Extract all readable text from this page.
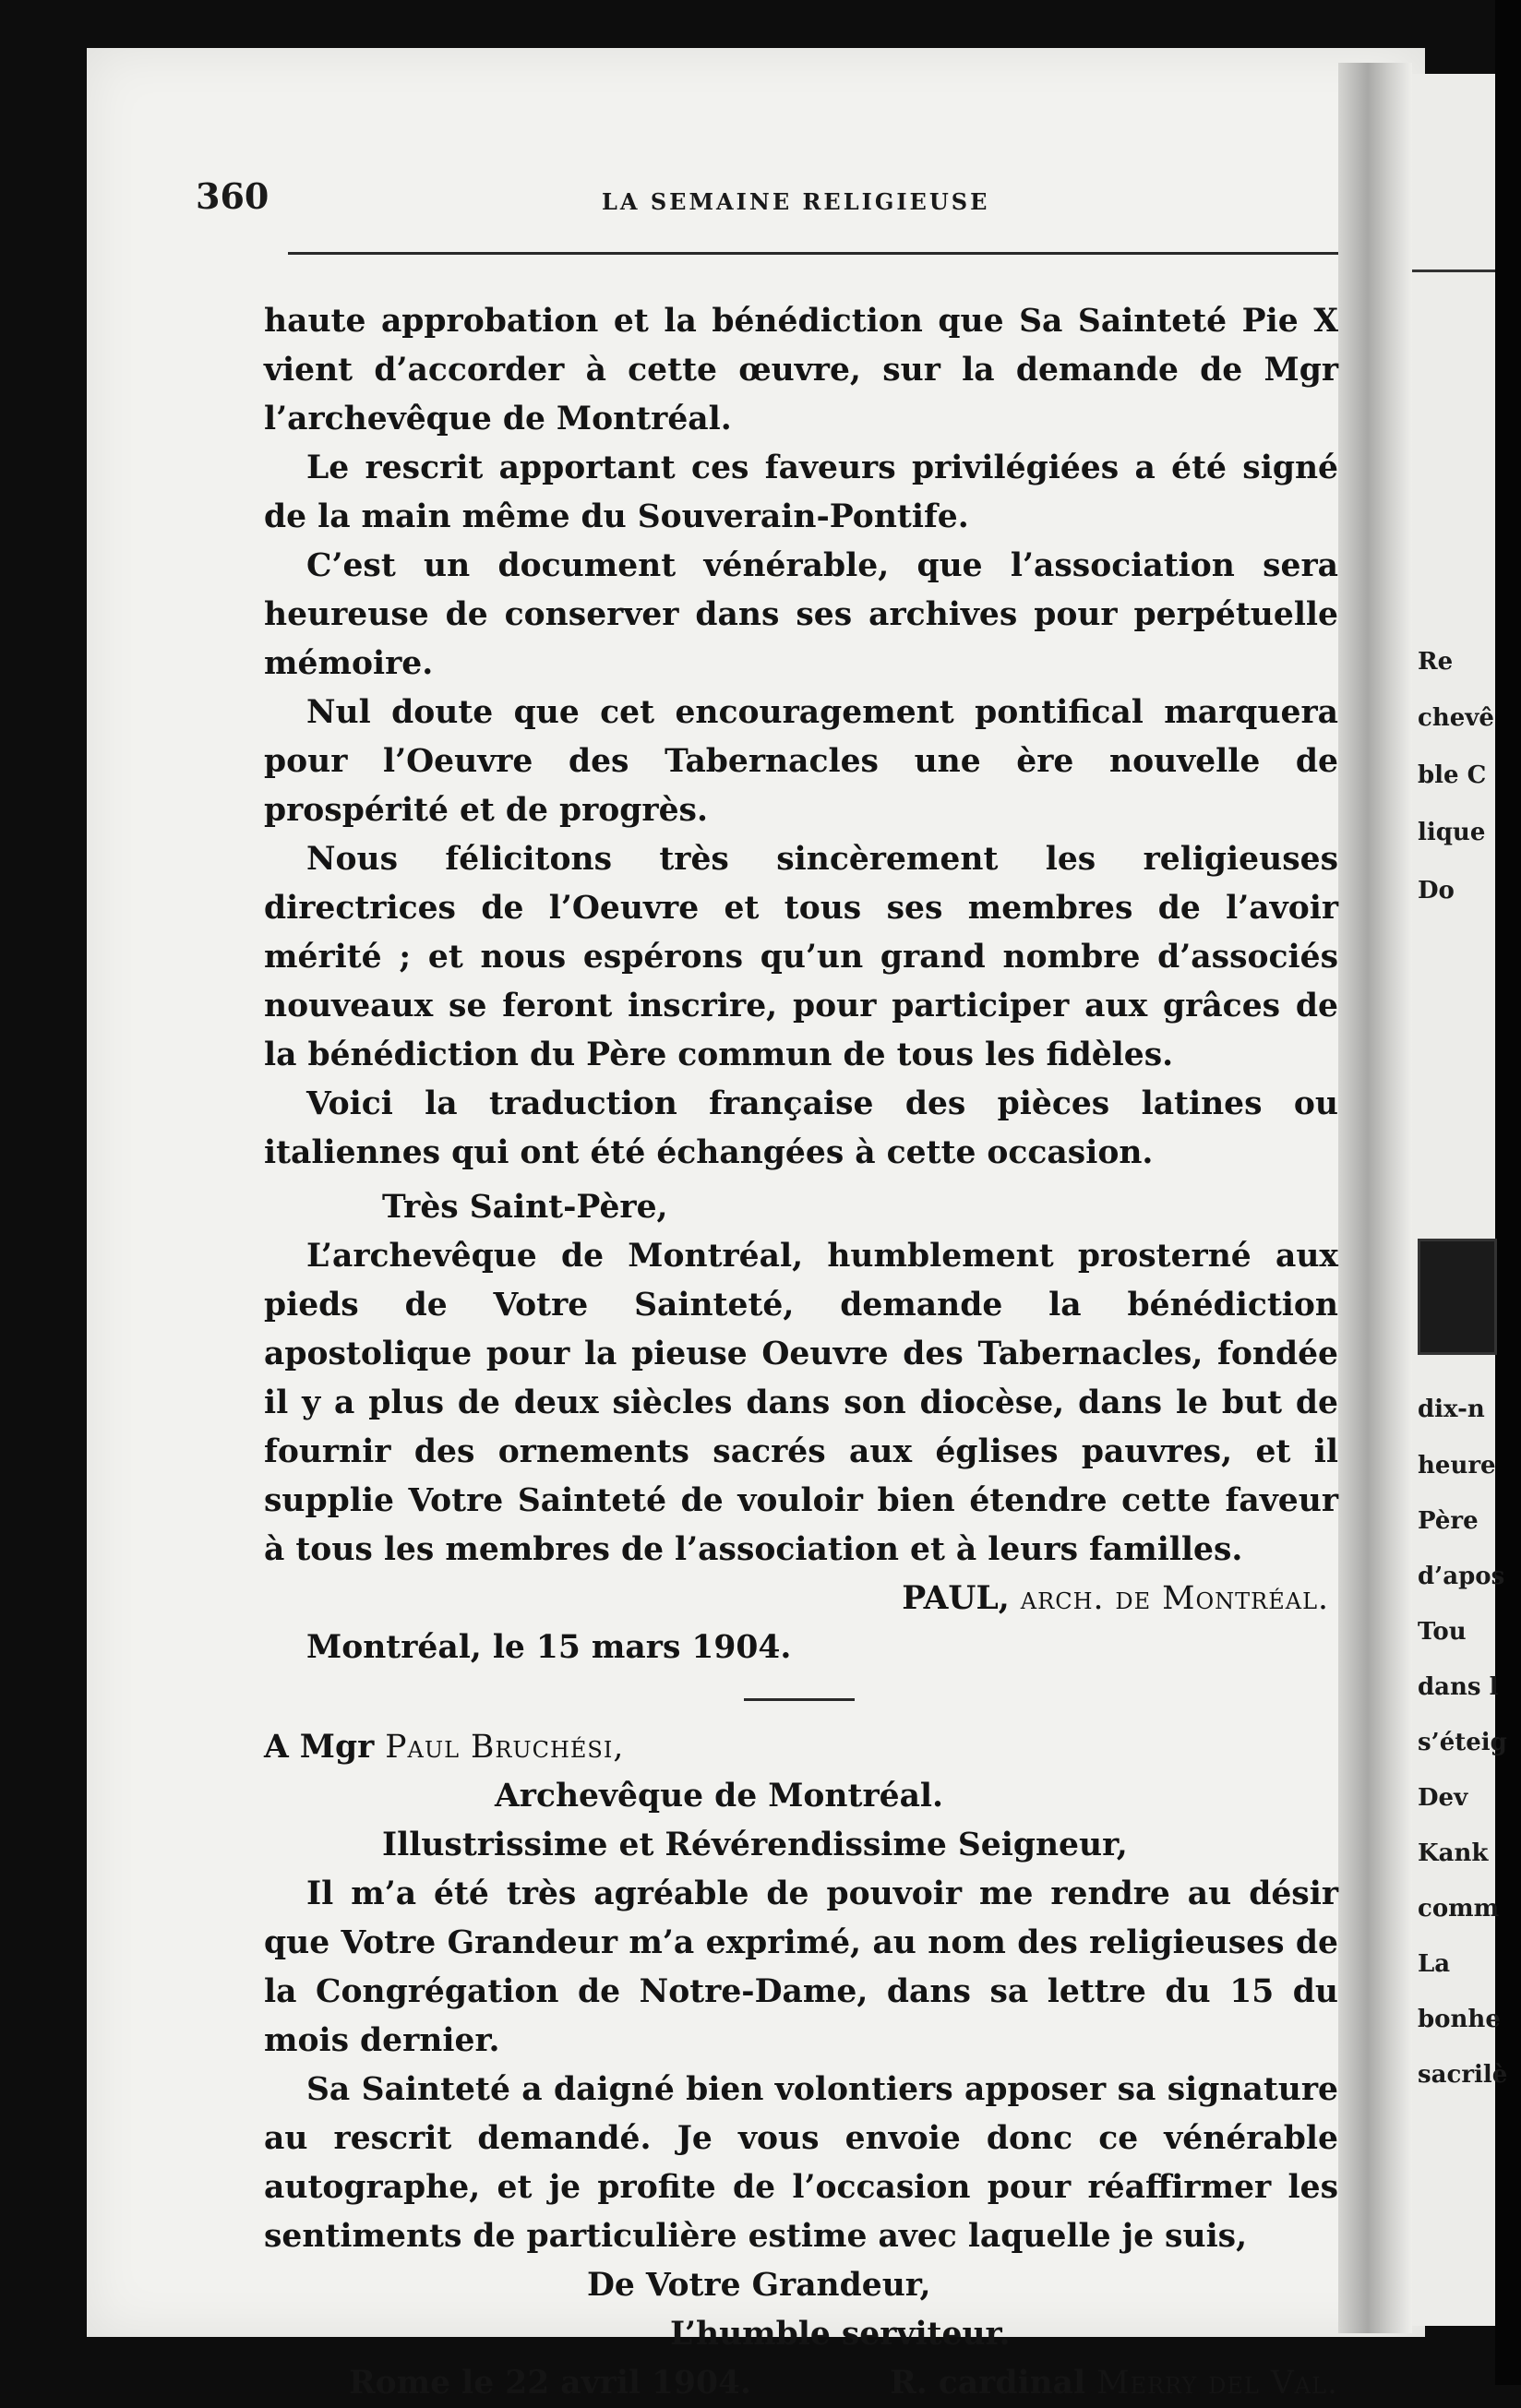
Re
chevê
ble C
lique
Do
dix-n
heure
Père
d’apos
Tou
dans l
s’éteig
Dev
Kank
comm
La
bonhe
sacrilè
360	LA SEMAINE RELIGIEUSE

haute approbation et la bénédiction que Sa Sainteté Pie X vient d’accorder à cette œuvre, sur la demande de Mgr l’archevêque de Montréal.

Le rescrit apportant ces faveurs privilégiées a été signé de la main même du Souverain-Pontife.

C’est un document vénérable, que l’association sera heureuse de conserver dans ses archives pour perpétuelle mémoire.

Nul doute que cet encouragement pontifical marquera pour l’Oeuvre des Tabernacles une ère nouvelle de prospérité et de progrès.

Nous félicitons très sincèrement les religieuses directrices de l’Oeuvre et tous ses membres de l’avoir mérité ; et nous espérons qu’un grand nombre d’associés nouveaux se feront inscrire, pour participer aux grâces de la bénédiction du Père commun de tous les fidèles.

Voici la traduction française des pièces latines ou italiennes qui ont été échangées à cette occasion.

Très Saint-Père,

L’archevêque de Montréal, humblement prosterné aux pieds de Votre Sainteté, demande la bénédiction apostolique pour la pieuse Oeuvre des Tabernacles, fondée il y a plus de deux siècles dans son diocèse, dans le but de fournir des ornements sacrés aux églises pauvres, et il supplie Votre Sainteté de vouloir bien étendre cette faveur à tous les membres de l’association et à leurs familles.

PAUL, arch. de Montréal.

Montréal, le 15 mars 1904.

A Mgr Paul Bruchési,

Archevêque de Montréal.

Illustrissime et Révérendissime Seigneur,

Il m’a été très agréable de pouvoir me rendre au désir que Votre Grandeur m’a exprimé, au nom des religieuses de la Congrégation de Notre-Dame, dans sa lettre du 15 du mois dernier.

Sa Sainteté a daigné bien volontiers apposer sa signature au rescrit demandé. Je vous envoie donc ce vénérable autographe, et je profite de l’occasion pour réaffirmer les sentiments de particulière estime avec laquelle je suis,

De Votre Grandeur,

L’humble serviteur.

Rome le 22 avril 1904.	R. cardinal Merry del Val.
